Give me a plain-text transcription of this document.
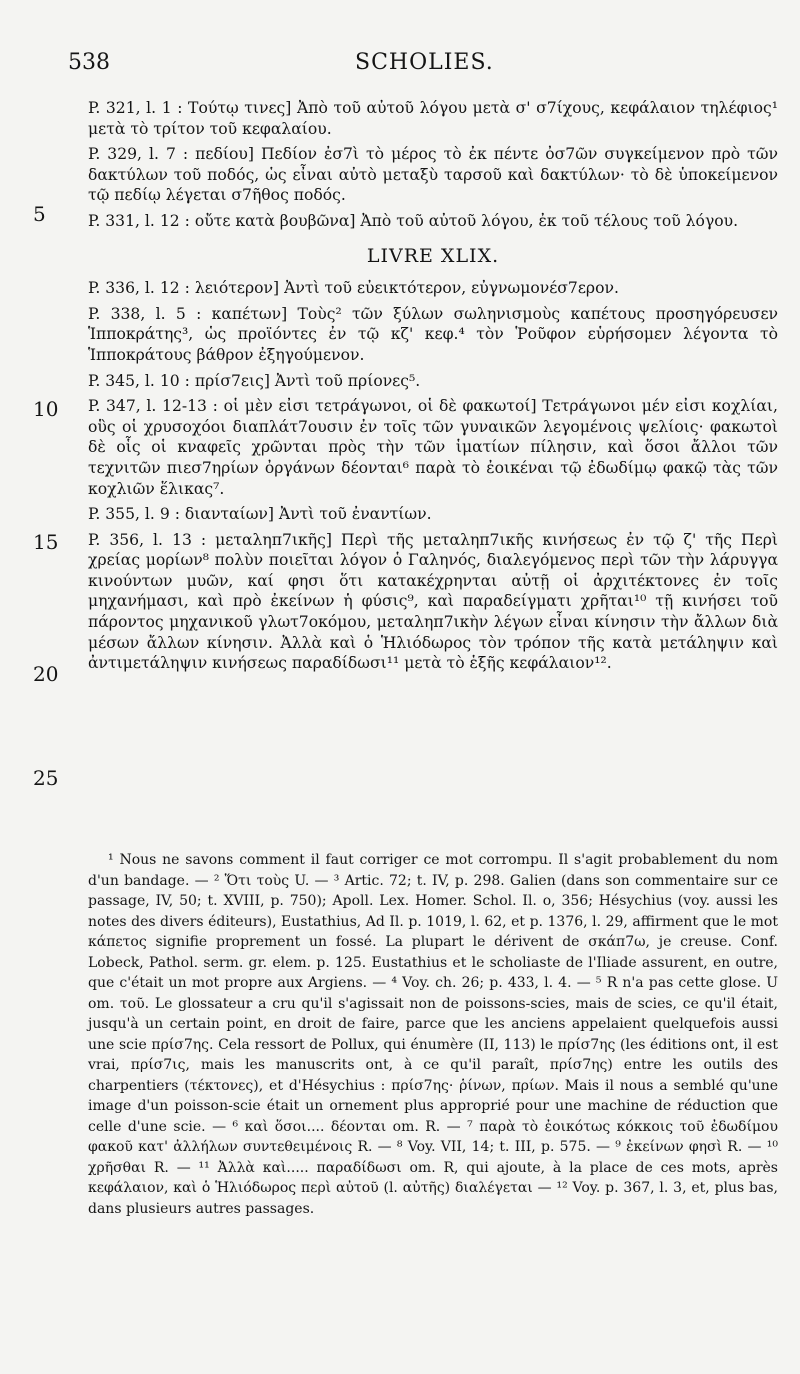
538	SCHOLIES.
5
10
15
20
25

P. 321, l. 1 : Τούτῳ τινες] Ἀπὸ τοῦ αὐτοῦ λόγου μετὰ σ' σ7ίχους, κεφάλαιον τηλέφιος¹ μετὰ τὸ τρίτον τοῦ κεφαλαίου.

P. 329, l. 7 : πεδίου] Πεδίον ἐσ7ὶ τὸ μέρος τὸ ἐκ πέντε ὀσ7ῶν συγκείμενον πρὸ τῶν δακτύλων τοῦ ποδός, ὡς εἶναι αὐτὸ μεταξὺ ταρσοῦ καὶ δακτύλων· τὸ δὲ ὑποκείμενον τῷ πεδίῳ λέγεται σ7ῆθος ποδός.

P. 331, l. 12 : οὔτε κατὰ βουβῶνα] Ἀπὸ τοῦ αὐτοῦ λόγου, ἐκ τοῦ τέλους τοῦ λόγου.

LIVRE XLIX.

P. 336, l. 12 : λειότερον] Ἀντὶ τοῦ εὐεικτότερον, εὐγνωμονέσ7ερον.

P. 338, l. 5 : καπέτων] Τοὺς² τῶν ξύλων σωληνισμοὺς καπέτους προσηγόρευσεν Ἱπποκράτης³, ὡς προϊόντες ἐν τῷ κζ' κεφ.⁴ τὸν Ῥοῦφον εὑρήσομεν λέγοντα τὸ Ἱπποκράτους βάθρον ἐξηγούμενον.

P. 345, l. 10 : πρίσ7εις] Ἀντὶ τοῦ πρίονες⁵.

P. 347, l. 12-13 : οἱ μὲν εἰσι τετράγωνοι, οἱ δὲ φακωτοί] Τετράγωνοι μέν εἰσι κοχλίαι, οὓς οἱ χρυσοχόοι διαπλάτ7ουσιν ἐν τοῖς τῶν γυναικῶν λεγομένοις ψελίοις· φακωτοὶ δὲ οἷς οἱ κναφεῖς χρῶνται πρὸς τὴν τῶν ἱματίων πίλησιν, καὶ ὅσοι ἄλλοι τῶν τεχνιτῶν πιεσ7ηρίων ὀργάνων δέονται⁶ παρὰ τὸ ἐοικέναι τῷ ἐδωδίμῳ φακῷ τὰς τῶν κοχλιῶν ἕλικας⁷.

P. 355, l. 9 : διανταίων] Ἀντὶ τοῦ ἐναντίων.

P. 356, l. 13 : μεταληπ7ικῆς] Περὶ τῆς μεταληπ7ικῆς κινήσεως ἐν τῷ ζ' τῆς Περὶ χρείας μορίων⁸ πολὺν ποιεῖται λόγον ὁ Γαληνός, διαλεγόμενος περὶ τῶν τὴν λάρυγγα κινούντων μυῶν, καί φησι ὅτι κατακέχρηνται αὐτῇ οἱ ἀρχιτέκτονες ἐν τοῖς μηχανήμασι, καὶ πρὸ ἐκείνων ἡ φύσις⁹, καὶ παραδείγματι χρῆται¹⁰ τῇ κινήσει τοῦ πάροντος μηχανικοῦ γλωτ7οκόμου, μεταληπ7ικὴν λέγων εἶναι κίνησιν τὴν ἄλλων διὰ μέσων ἄλλων κίνησιν. Ἀλλὰ καὶ ὁ Ἡλιόδωρος τὸν τρόπον τῆς κατὰ μετάληψιν καὶ ἀντιμετάληψιν κινήσεως παραδίδωσι¹¹ μετὰ τὸ ἑξῆς κεφάλαιον¹².

¹ Nous ne savons comment il faut corriger ce mot corrompu. Il s'agit probablement du nom d'un bandage. — ² Ὅτι τοὺς U. — ³ Artic. 72; t. IV, p. 298. Galien (dans son commentaire sur ce passage, IV, 50; t. XVIII, p. 750); Apoll. Lex. Homer. Schol. Il. ο, 356; Hésychius (voy. aussi les notes des divers éditeurs), Eustathius, Ad Il. p. 1019, l. 62, et p. 1376, l. 29, affirment que le mot κάπετος signifie proprement un fossé. La plupart le dérivent de σκάπ7ω, je creuse. Conf. Lobeck, Pathol. serm. gr. elem. p. 125. Eustathius et le scholiaste de l'Iliade assurent, en outre, que c'était un mot propre aux Argiens. — ⁴ Voy. ch. 26; p. 433, l. 4. — ⁵ R n'a pas cette glose. U om. τοῦ. Le glossateur a cru qu'il s'agissait non de poissons-scies, mais de scies, ce qu'il était, jusqu'à un certain point, en droit de faire, parce que les anciens appelaient quelquefois aussi une scie πρίσ7ης. Cela ressort de Pollux, qui énumère (II, 113) le πρίσ7ης (les éditions ont, il est vrai, πρίσ7ις, mais les manuscrits ont, à ce qu'il paraît, πρίσ7ης) entre les outils des charpentiers (τέκτονες), et d'Hésychius : πρίσ7ης· ῥίνων, πρίων. Mais il nous a semblé qu'une image d'un poisson-scie était un ornement plus approprié pour une machine de réduction que celle d'une scie. — ⁶ καὶ ὅσοι.... δέονται om. R. — ⁷ παρὰ τὸ ἐοικότως κόκκοις τοῦ ἐδωδίμου φακοῦ κατ' ἀλλήλων συντεθειμένοις R. — ⁸ Voy. VII, 14; t. III, p. 575. — ⁹ ἐκείνων φησὶ R. — ¹⁰ χρῆσθαι R. — ¹¹ Ἀλλὰ καὶ..... παραδίδωσι om. R, qui ajoute, à la place de ces mots, après κεφάλαιον, καὶ ὁ Ἡλιόδωρος περὶ αὐτοῦ (l. αὐτῆς) διαλέγεται — ¹² Voy. p. 367, l. 3, et, plus bas, dans plusieurs autres passages.
